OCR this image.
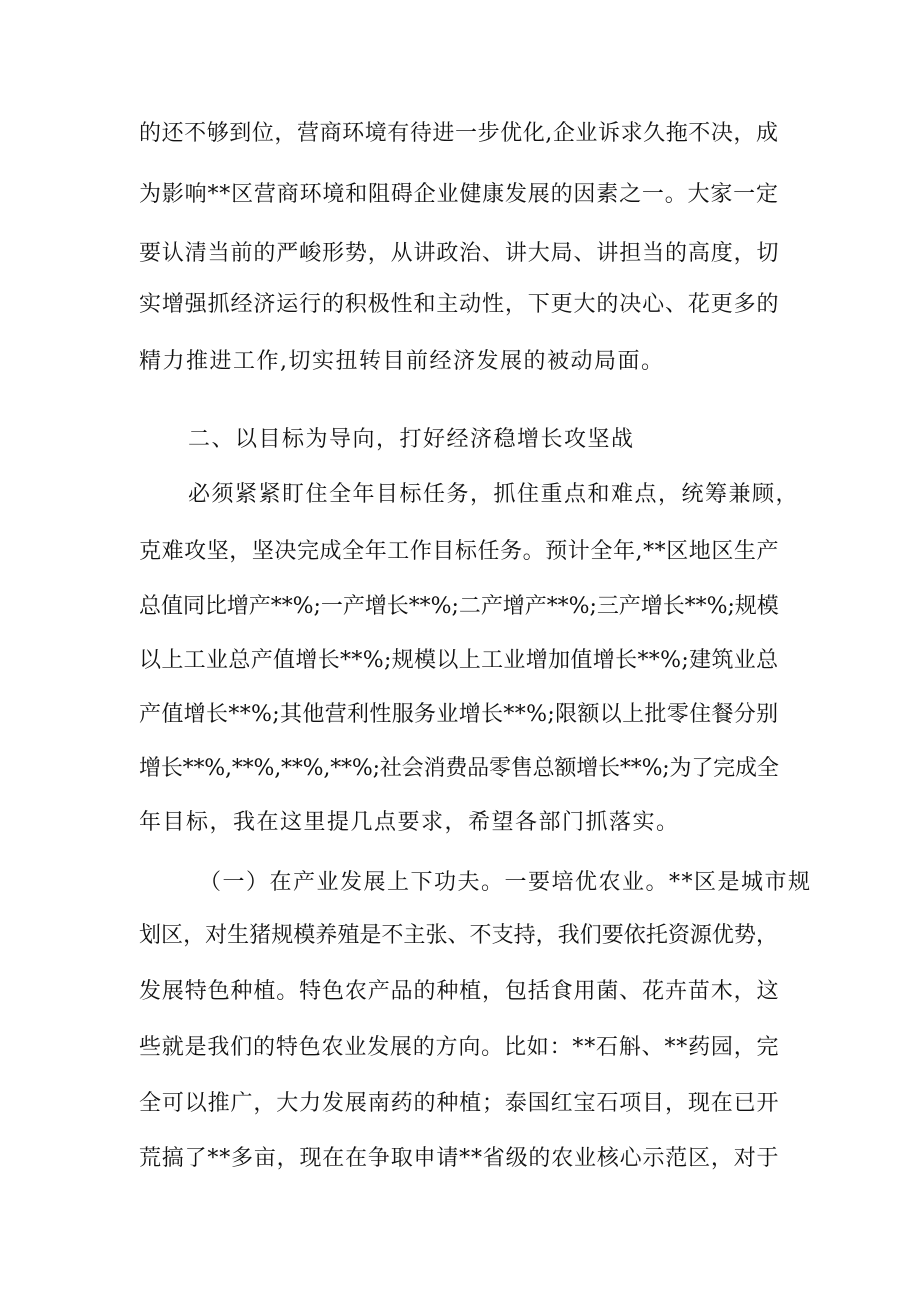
的还不够到位，营商环境有待进一步优化,企业诉求久拖不决，成
为影响**区营商环境和阻碍企业健康发展的因素之一。大家一定
要认清当前的严峻形势，从讲政治、讲大局、讲担当的高度，切
实增强抓经济运行的积极性和主动性，下更大的决心、花更多的
精力推进工作,切实扭转目前经济发展的被动局面。
二、以目标为导向，打好经济稳增长攻坚战
必须紧紧盯住全年目标任务，抓住重点和难点，统筹兼顾，
克难攻坚，坚决完成全年工作目标任务。预计全年,**区地区生产
总值同比增产**%;一产增长**%;二产增产**%;三产增长**%;规模
以上工业总产值增长**%;规模以上工业增加值增长**%;建筑业总
产值增长**%;其他营利性服务业增长**%;限额以上批零住餐分别
增长**%,**%,**%,**%;社会消费品零售总额增长**%;为了完成全
年目标，我在这里提几点要求，希望各部门抓落实。
（一）在产业发展上下功夫。一要培优农业。**区是城市规
划区，对生猪规模养殖是不主张、不支持，我们要依托资源优势，
发展特色种植。特色农产品的种植，包括食用菌、花卉苗木，这
些就是我们的特色农业发展的方向。比如：**石斛、**药园，完
全可以推广，大力发展南药的种植；泰国红宝石项目，现在已开
荒搞了**多亩，现在在争取申请**省级的农业核心示范区，对于
